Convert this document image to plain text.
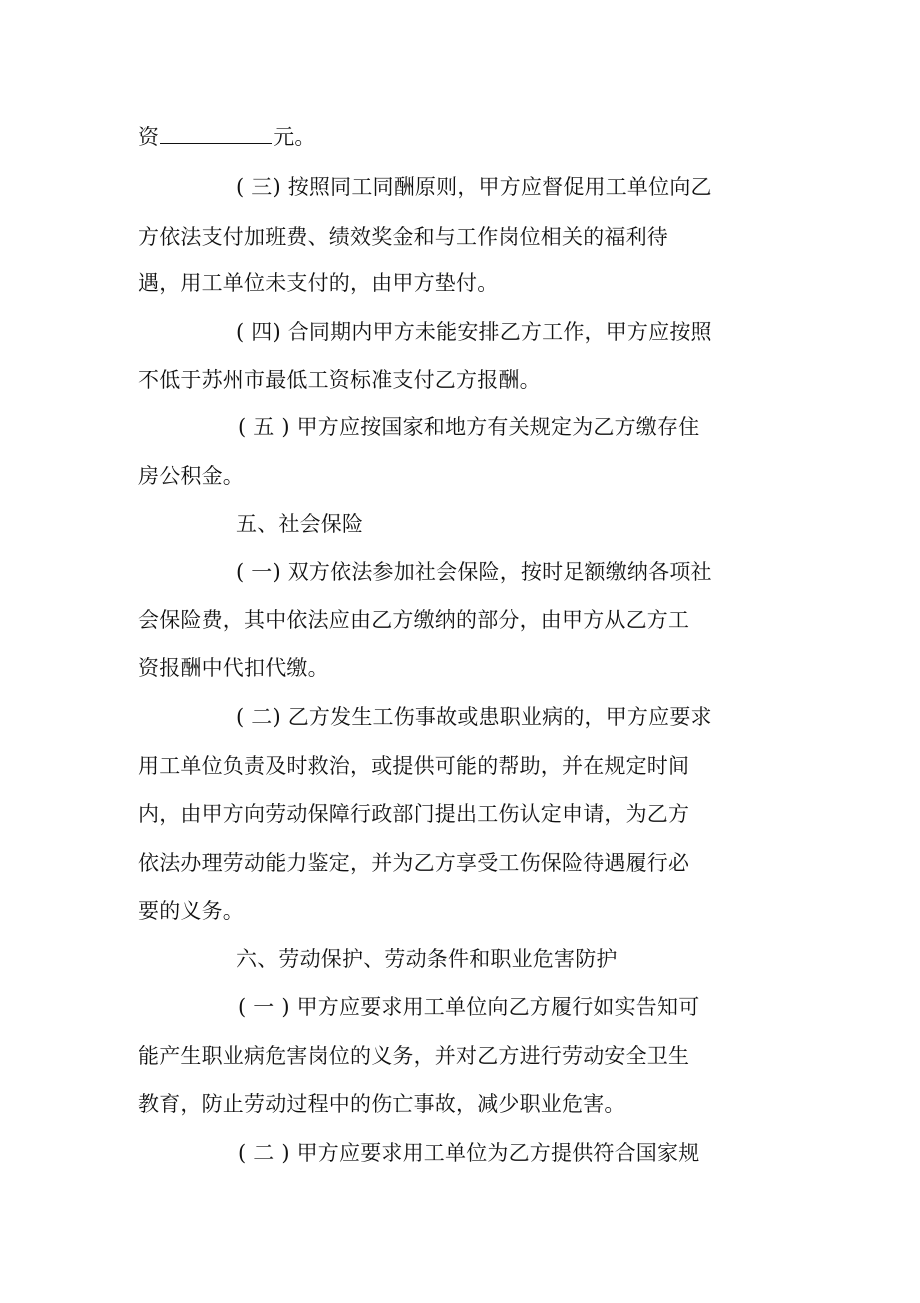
资	元。
( 三) 按照同工同酬原则，甲方应督促用工单位向乙
方依法支付加班费、绩效奖金和与工作岗位相关的福利待
遇，用工单位未支付的，由甲方垫付。
( 四) 合同期内甲方未能安排乙方工作，甲方应按照
不低于苏州市最低工资标准支付乙方报酬。
( 五 ) 甲方应按国家和地方有关规定为乙方缴存住
房公积金。
五、社会保险
( 一) 双方依法参加社会保险，按时足额缴纳各项社
会保险费，其中依法应由乙方缴纳的部分，由甲方从乙方工
资报酬中代扣代缴。
( 二) 乙方发生工伤事故或患职业病的，甲方应要求
用工单位负责及时救治，或提供可能的帮助，并在规定时间
内，由甲方向劳动保障行政部门提出工伤认定申请，为乙方
依法办理劳动能力鉴定，并为乙方享受工伤保险待遇履行必
要的义务。
六、劳动保护、劳动条件和职业危害防护
( 一 ) 甲方应要求用工单位向乙方履行如实告知可
能产生职业病危害岗位的义务，并对乙方进行劳动安全卫生
教育，防止劳动过程中的伤亡事故，减少职业危害。
( 二 ) 甲方应要求用工单位为乙方提供符合国家规
